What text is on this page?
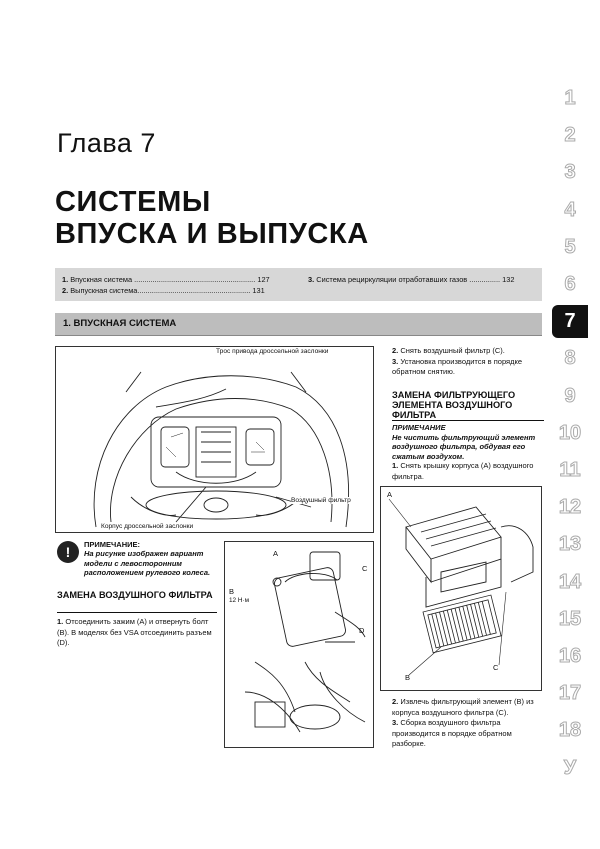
Глава 7
СИСТЕМЫ
ВПУСКА И ВЫПУСКА
1. Впускная система ........................................................... 127
2. Выпускная система....................................................... 131
3. Система рециркуляции отработавших газов ............... 132
1. ВПУСКНАЯ СИСТЕМА
Трос привода дроссельной заслонки
Воздушный фильтр
Корпус дроссельной заслонки
!	ПРИМЕЧАНИЕ:
На рисунке изображен вариант модели с левосторонним расположением рулевого колеса.
ЗАМЕНА ВОЗДУШНОГО ФИЛЬТРА
1. Отсоединить зажим (А) и отвернуть болт (В). В моделях без VSA отсоединить разъем (D).
A
B
12 Н·м
C
D
2. Снять воздушный фильтр (С).
3. Установка производится в порядке обратном снятию.
ЗАМЕНА ФИЛЬТРУЮЩЕГО ЭЛЕМЕНТА ВОЗДУШНОГО ФИЛЬТРА
ПРИМЕЧАНИЕ
Не чистить фильтрующий элемент воздушного фильтра, обдувая его сжатым воздухом.
1. Снять крышку корпуса (А) воздушного фильтра.
A
B
C
2. Извлечь фильтрующий элемент (В) из корпуса воздушного фильтра (С).
3. Сборка воздушного фильтра производится в порядке обратном разборке.
1
2
3
4
5
6
7
8
9
10
11
12
13
14
15
16
17
18
У
